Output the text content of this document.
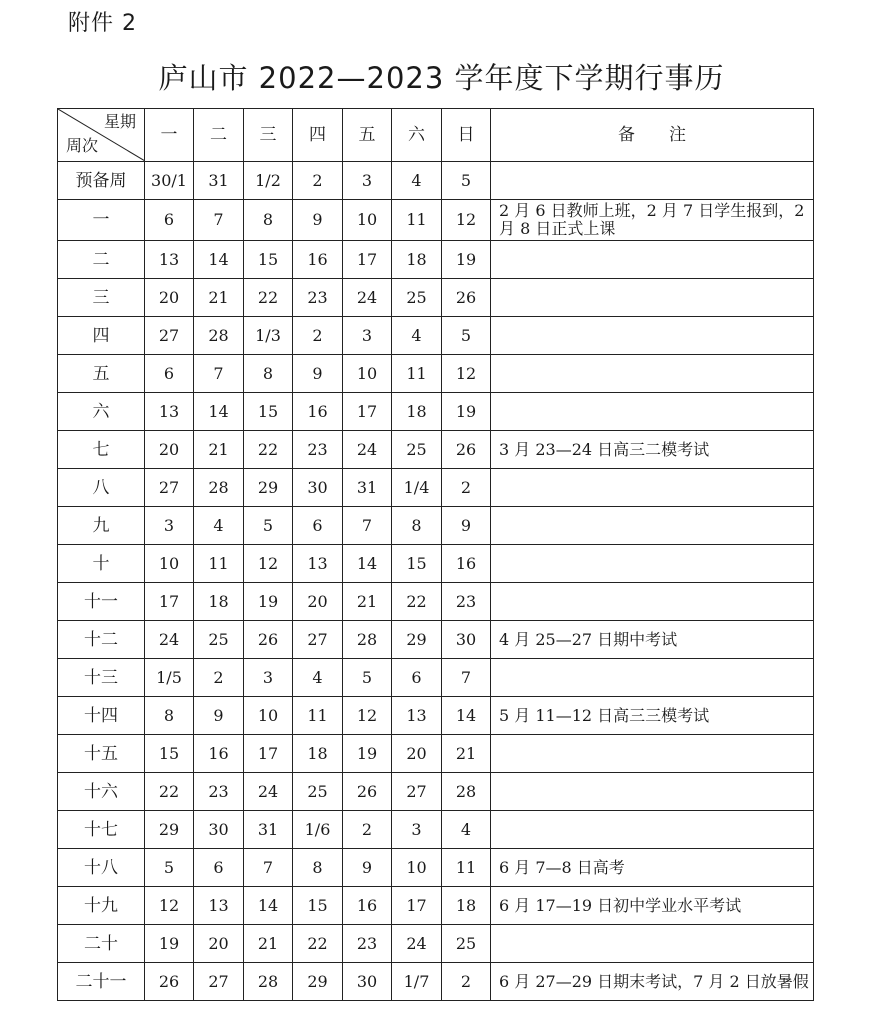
附件 2
庐山市 2022—2023 学年度下学期行事历
星期
周次	一	二	三	四	五	六	日	备　　注
预备周	30/1	31	1/2	2	3	4	5	
一	6	7	8	9	10	11	12	2 月 6 日教师上班，2 月 7 日学生报到，2 月 8 日正式上课
二	13	14	15	16	17	18	19	
三	20	21	22	23	24	25	26	
四	27	28	1/3	2	3	4	5	
五	6	7	8	9	10	11	12	
六	13	14	15	16	17	18	19	
七	20	21	22	23	24	25	26	3 月 23—24 日高三二模考试
八	27	28	29	30	31	1/4	2	
九	3	4	5	6	7	8	9	
十	10	11	12	13	14	15	16	
十一	17	18	19	20	21	22	23	
十二	24	25	26	27	28	29	30	4 月 25—27 日期中考试
十三	1/5	2	3	4	5	6	7	
十四	8	9	10	11	12	13	14	5 月 11—12 日高三三模考试
十五	15	16	17	18	19	20	21	
十六	22	23	24	25	26	27	28	
十七	29	30	31	1/6	2	3	4	
十八	5	6	7	8	9	10	11	6 月 7—8 日高考
十九	12	13	14	15	16	17	18	6 月 17—19 日初中学业水平考试
二十	19	20	21	22	23	24	25	
二十一	26	27	28	29	30	1/7	2	6 月 27—29 日期末考试，7 月 2 日放暑假
